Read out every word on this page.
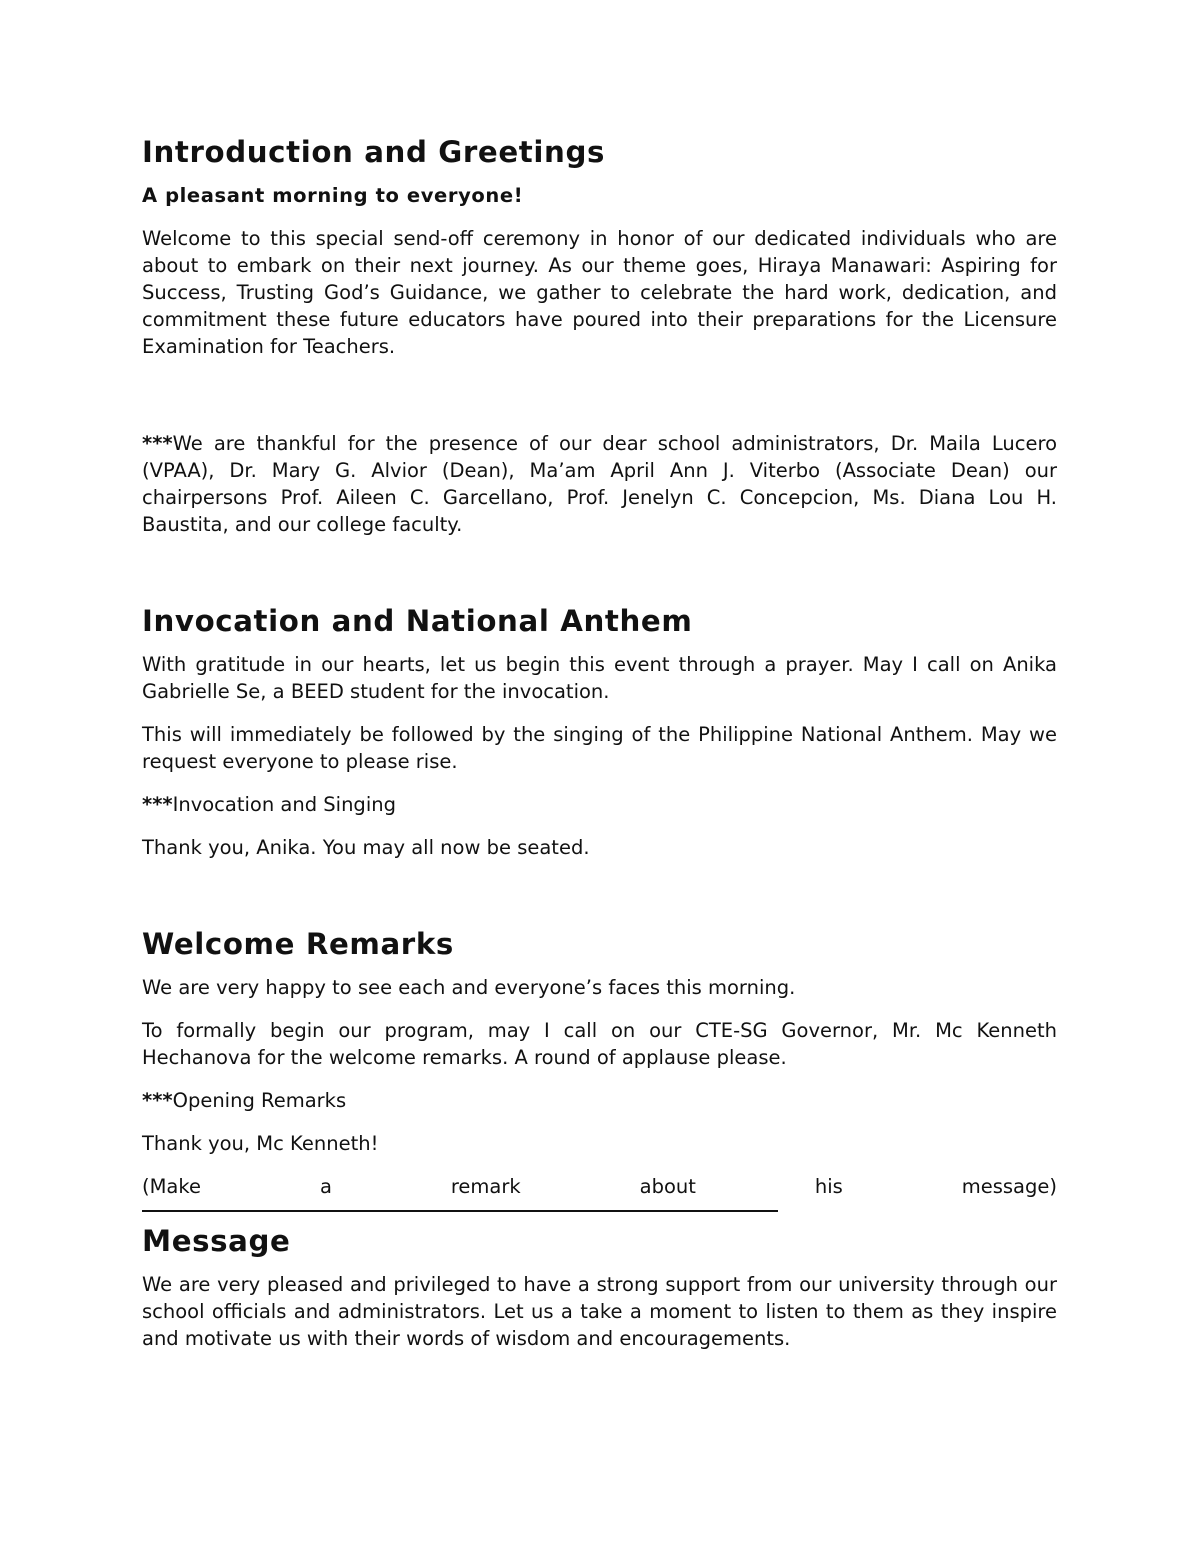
Introduction and Greetings

A pleasant morning to everyone!

Welcome to this special send-off ceremony in honor of our dedicated individuals who are about to embark on their next journey. As our theme goes, Hiraya Manawari: Aspiring for Success, Trusting God’s Guidance, we gather to celebrate the hard work, dedication, and commitment these future educators have poured into their preparations for the Licensure Examination for Teachers.

***We are thankful for the presence of our dear school administrators, Dr. Maila Lucero (VPAA), Dr. Mary G. Alvior (Dean), Ma’am April Ann J. Viterbo (Associate Dean) our chairpersons Prof. Aileen C. Garcellano, Prof. Jenelyn C. Concepcion, Ms. Diana Lou H. Baustita, and our college faculty.

Invocation and National Anthem

With gratitude in our hearts, let us begin this event through a prayer. May I call on Anika Gabrielle Se, a BEED student for the invocation.

This will immediately be followed by the singing of the Philippine National Anthem. May we request everyone to please rise.

***Invocation and Singing

Thank you, Anika. You may all now be seated.

Welcome Remarks

We are very happy to see each and everyone’s faces this morning.

To formally begin our program, may I call on our CTE-SG Governor, Mr. Mc Kenneth Hechanova for the welcome remarks. A round of applause please.

***Opening Remarks

Thank you, Mc Kenneth!

(Make	a	remark	about	his	message)
Message

We are very pleased and privileged to have a strong support from our university through our school officials and administrators. Let us a take a moment to listen to them as they inspire and motivate us with their words of wisdom and encouragements.
